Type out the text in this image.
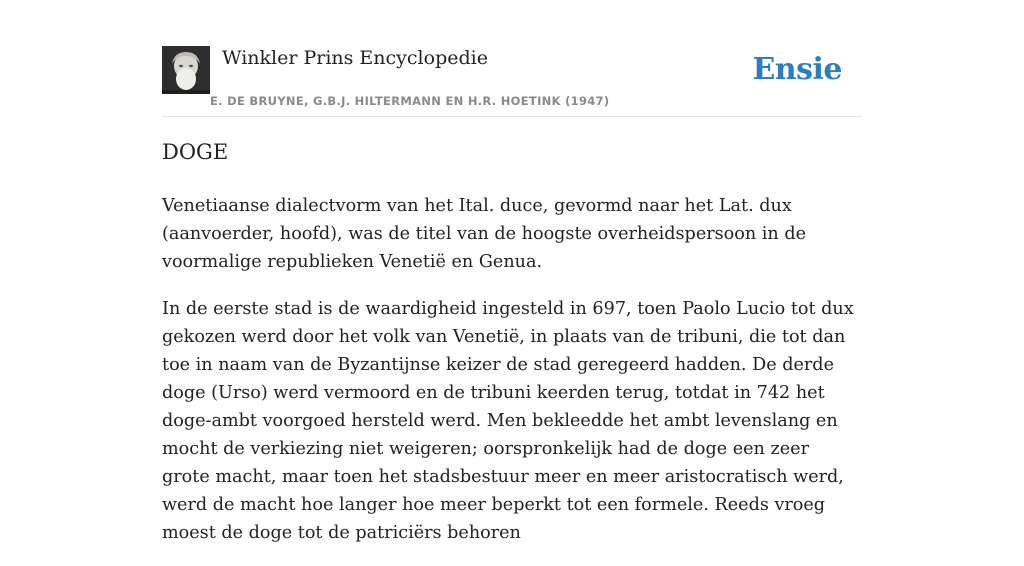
Winkler Prins Encyclopedie
E. DE BRUYNE, G.B.J. HILTERMANN EN H.R. HOETINK (1947)
Ensie
DOGE

Venetiaanse dialectvorm van het Ital. duce, gevormd naar het Lat. dux (aanvoerder, hoofd), was de titel van de hoogste overheidspersoon in de voormalige republieken Venetië en Genua.

In de eerste stad is de waardigheid ingesteld in 697, toen Paolo Lucio tot dux gekozen werd door het volk van Venetië, in plaats van de tribuni, die tot dan toe in naam van de Byzantijnse keizer de stad geregeerd hadden. De derde doge (Urso) werd vermoord en de tribuni keerden terug, totdat in 742 het doge-ambt voorgoed hersteld werd. Men bekleedde het ambt levenslang en mocht de verkiezing niet weigeren; oorspronkelijk had de doge een zeer grote macht, maar toen het stadsbestuur meer en meer aristocratisch werd, werd de macht hoe langer hoe meer beperkt tot een formele. Reeds vroeg moest de doge tot de patriciërs behoren
